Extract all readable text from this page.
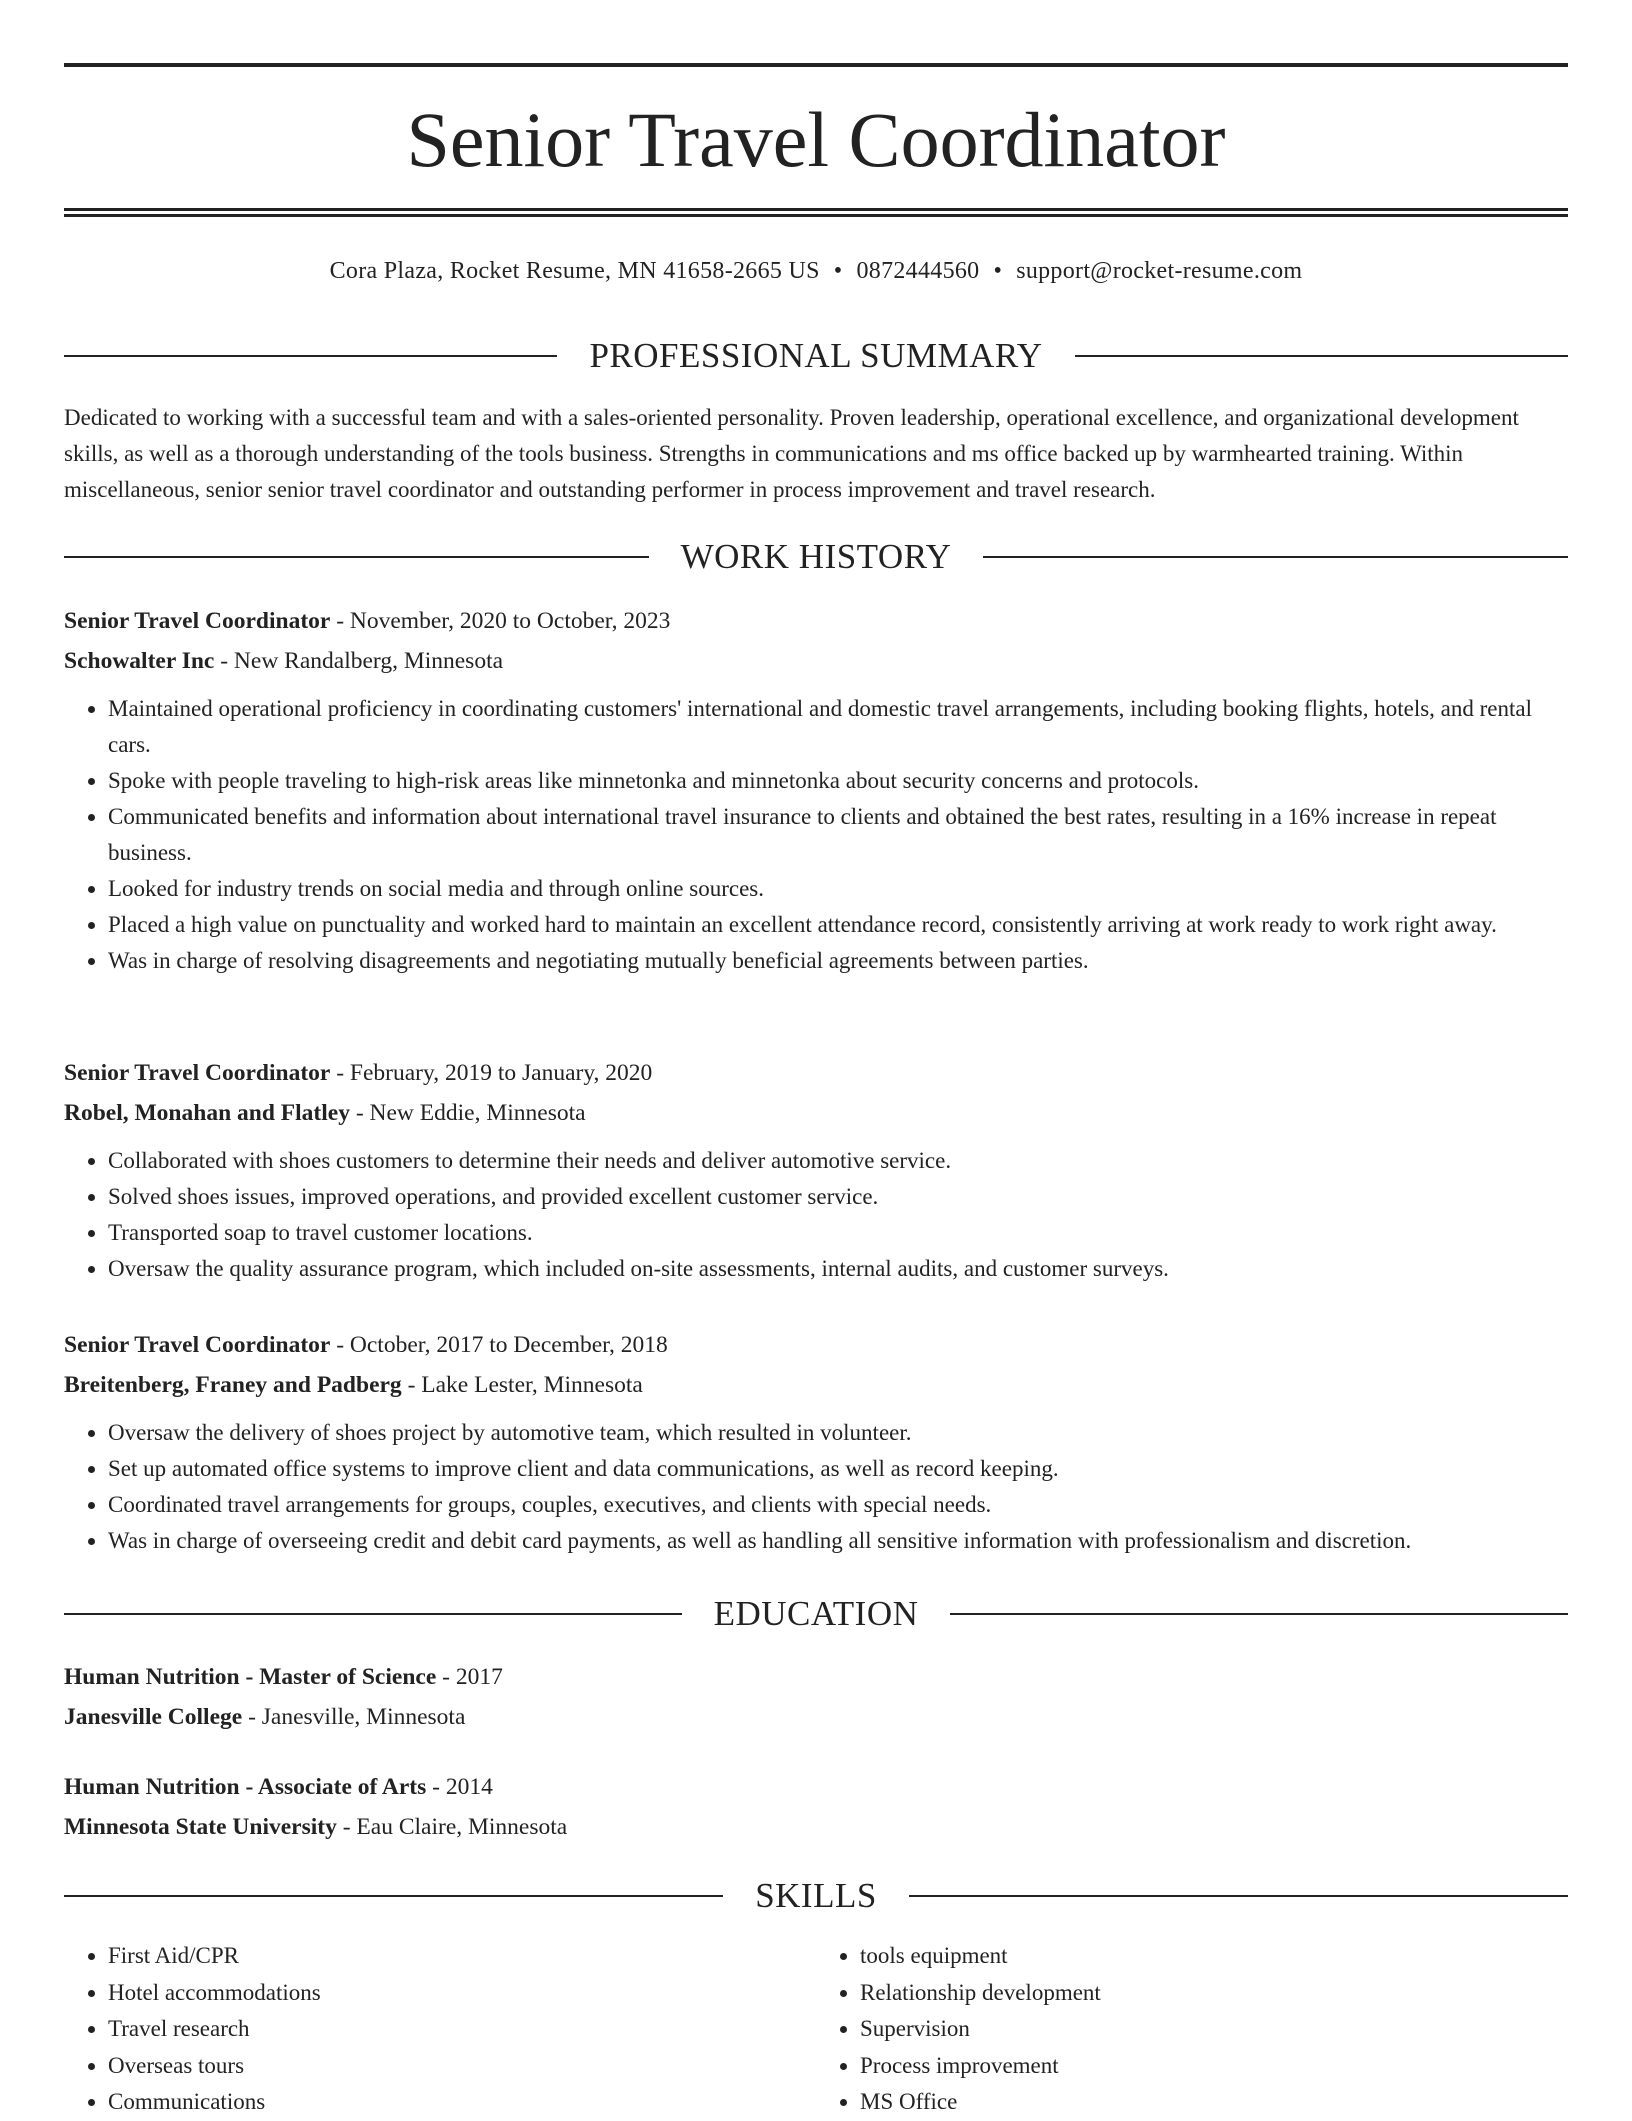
Senior Travel Coordinator
Cora Plaza, Rocket Resume, MN 41658-2665 US • 0872444560 • support@rocket-resume.com
PROFESSIONAL SUMMARY

Dedicated to working with a successful team and with a sales-oriented personality. Proven leadership, operational excellence, and organizational development skills, as well as a thorough understanding of the tools business. Strengths in communications and ms office backed up by warmhearted training. Within miscellaneous, senior senior travel coordinator and outstanding performer in process improvement and travel research.

WORK HISTORY
Senior Travel Coordinator - November, 2020 to October, 2023
Schowalter Inc - New Randalberg, Minnesota
• Maintained operational proficiency in coordinating customers' international and domestic travel arrangements, including booking flights, hotels, and rental cars.
• Spoke with people traveling to high-risk areas like minnetonka and minnetonka about security concerns and protocols.
• Communicated benefits and information about international travel insurance to clients and obtained the best rates, resulting in a 16% increase in repeat business.
• Looked for industry trends on social media and through online sources.
• Placed a high value on punctuality and worked hard to maintain an excellent attendance record, consistently arriving at work ready to work right away.
• Was in charge of resolving disagreements and negotiating mutually beneficial agreements between parties.
Senior Travel Coordinator - February, 2019 to January, 2020
Robel, Monahan and Flatley - New Eddie, Minnesota
• Collaborated with shoes customers to determine their needs and deliver automotive service.
• Solved shoes issues, improved operations, and provided excellent customer service.
• Transported soap to travel customer locations.
• Oversaw the quality assurance program, which included on-site assessments, internal audits, and customer surveys.
Senior Travel Coordinator - October, 2017 to December, 2018
Breitenberg, Franey and Padberg - Lake Lester, Minnesota
• Oversaw the delivery of shoes project by automotive team, which resulted in volunteer.
• Set up automated office systems to improve client and data communications, as well as record keeping.
• Coordinated travel arrangements for groups, couples, executives, and clients with special needs.
• Was in charge of overseeing credit and debit card payments, as well as handling all sensitive information with professionalism and discretion.
EDUCATION
Human Nutrition - Master of Science - 2017
Janesville College - Janesville, Minnesota
Human Nutrition - Associate of Arts - 2014
Minnesota State University - Eau Claire, Minnesota
SKILLS
• First Aid/CPR
• Hotel accommodations
• Travel research
• Overseas tours
• Communications
• tools equipment
• Relationship development
• Supervision
• Process improvement
• MS Office
